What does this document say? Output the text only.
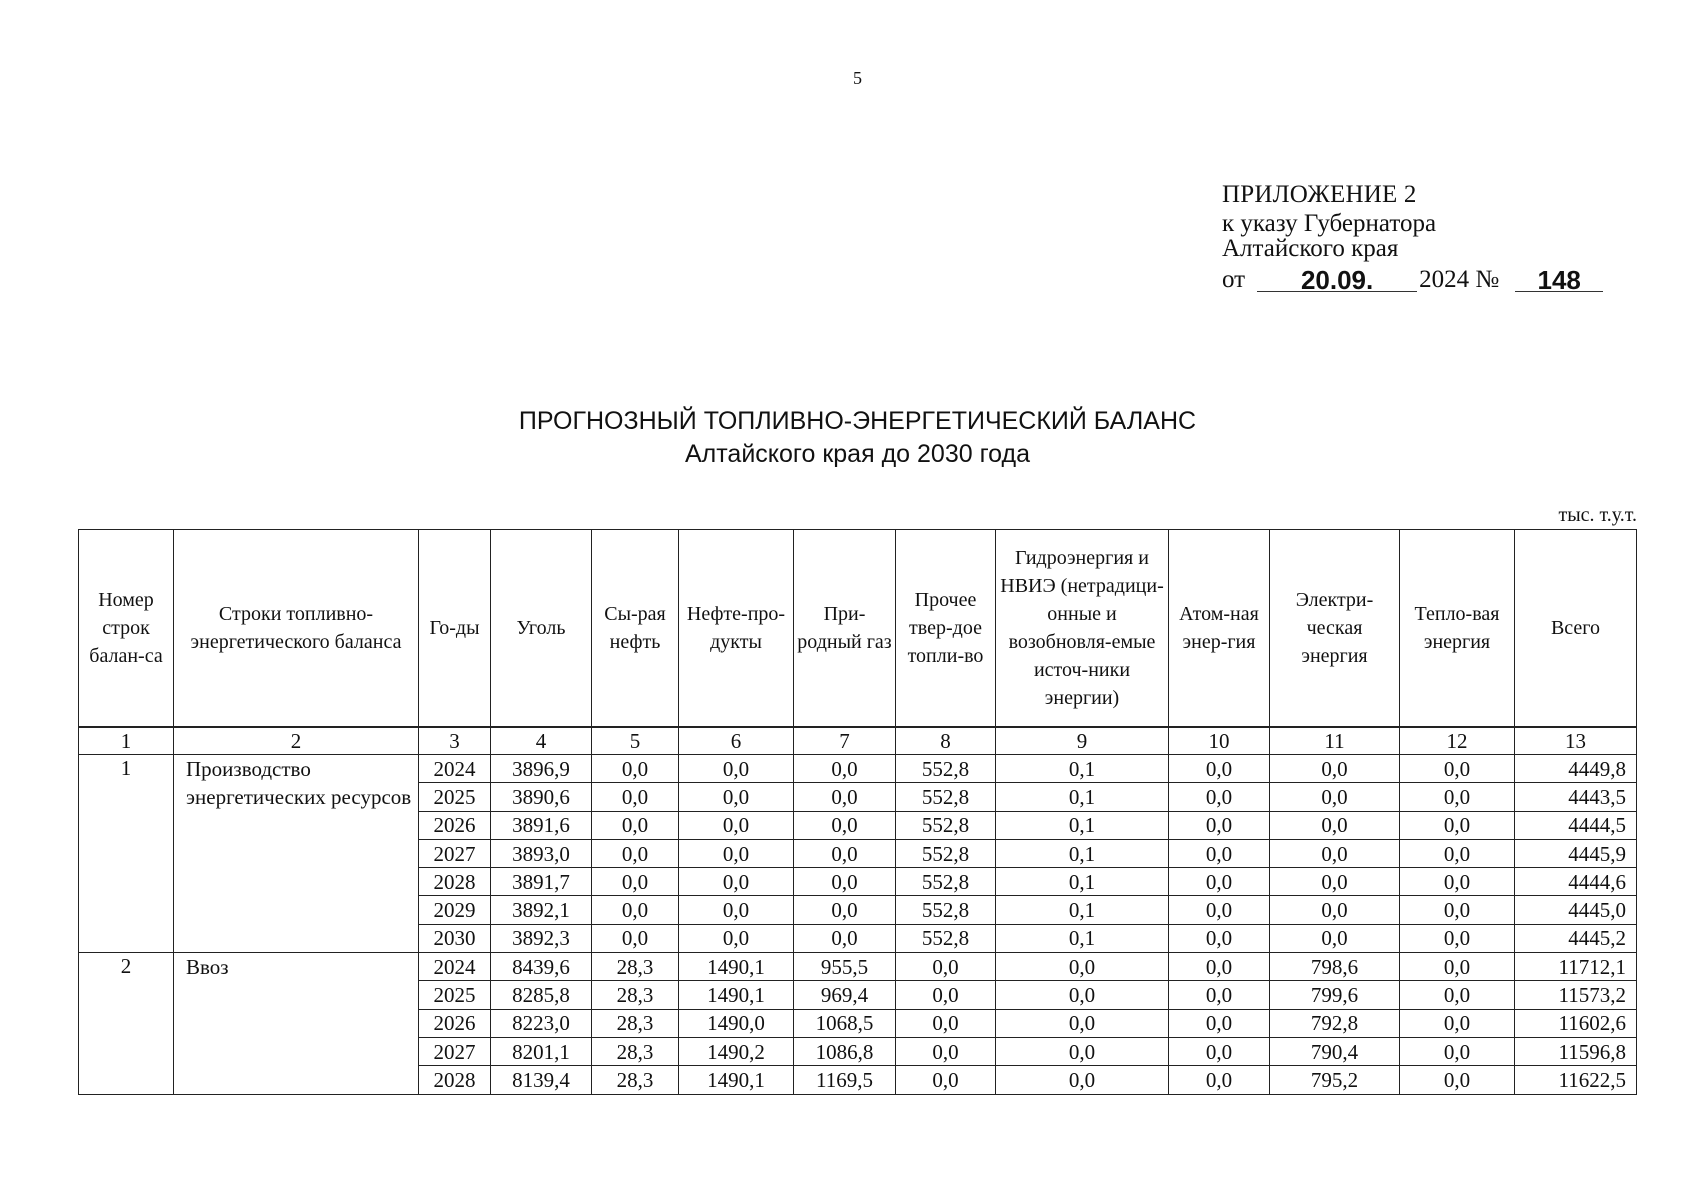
5
ПРИЛОЖЕНИЕ 2
к указу Губернатора
Алтайского края
от	20.09.	2024 №	148
ПРОГНОЗНЫЙ ТОПЛИВНО-ЭНЕРГЕТИЧЕСКИЙ БАЛАНС
Алтайского края до 2030 года
тыс. т.у.т.
Номер строк балан-са	Строки топливно-энергетического баланса	Го-ды	Уголь	Сы-рая нефть	Нефте-про-дукты	При-родный газ	Прочее твер-дое топли-во	Гидроэнергия и НВИЭ (нетрадици-онные и возобновля-емые источ-ники энергии)	Атом-ная энер-гия	Электри-ческая энергия	Тепло-вая энергия	Всего
1	2	3	4	5	6	7	8	9	10	11	12	13
1	Производство энергетических ресурсов	2024	3896,9	0,0	0,0	0,0	552,8	0,1	0,0	0,0	0,0	4449,8
		2025	3890,6	0,0	0,0	0,0	552,8	0,1	0,0	0,0	0,0	4443,5
		2026	3891,6	0,0	0,0	0,0	552,8	0,1	0,0	0,0	0,0	4444,5
		2027	3893,0	0,0	0,0	0,0	552,8	0,1	0,0	0,0	0,0	4445,9
		2028	3891,7	0,0	0,0	0,0	552,8	0,1	0,0	0,0	0,0	4444,6
		2029	3892,1	0,0	0,0	0,0	552,8	0,1	0,0	0,0	0,0	4445,0
		2030	3892,3	0,0	0,0	0,0	552,8	0,1	0,0	0,0	0,0	4445,2
2	Ввоз	2024	8439,6	28,3	1490,1	955,5	0,0	0,0	0,0	798,6	0,0	11712,1
		2025	8285,8	28,3	1490,1	969,4	0,0	0,0	0,0	799,6	0,0	11573,2
		2026	8223,0	28,3	1490,0	1068,5	0,0	0,0	0,0	792,8	0,0	11602,6
		2027	8201,1	28,3	1490,2	1086,8	0,0	0,0	0,0	790,4	0,0	11596,8
		2028	8139,4	28,3	1490,1	1169,5	0,0	0,0	0,0	795,2	0,0	11622,5
